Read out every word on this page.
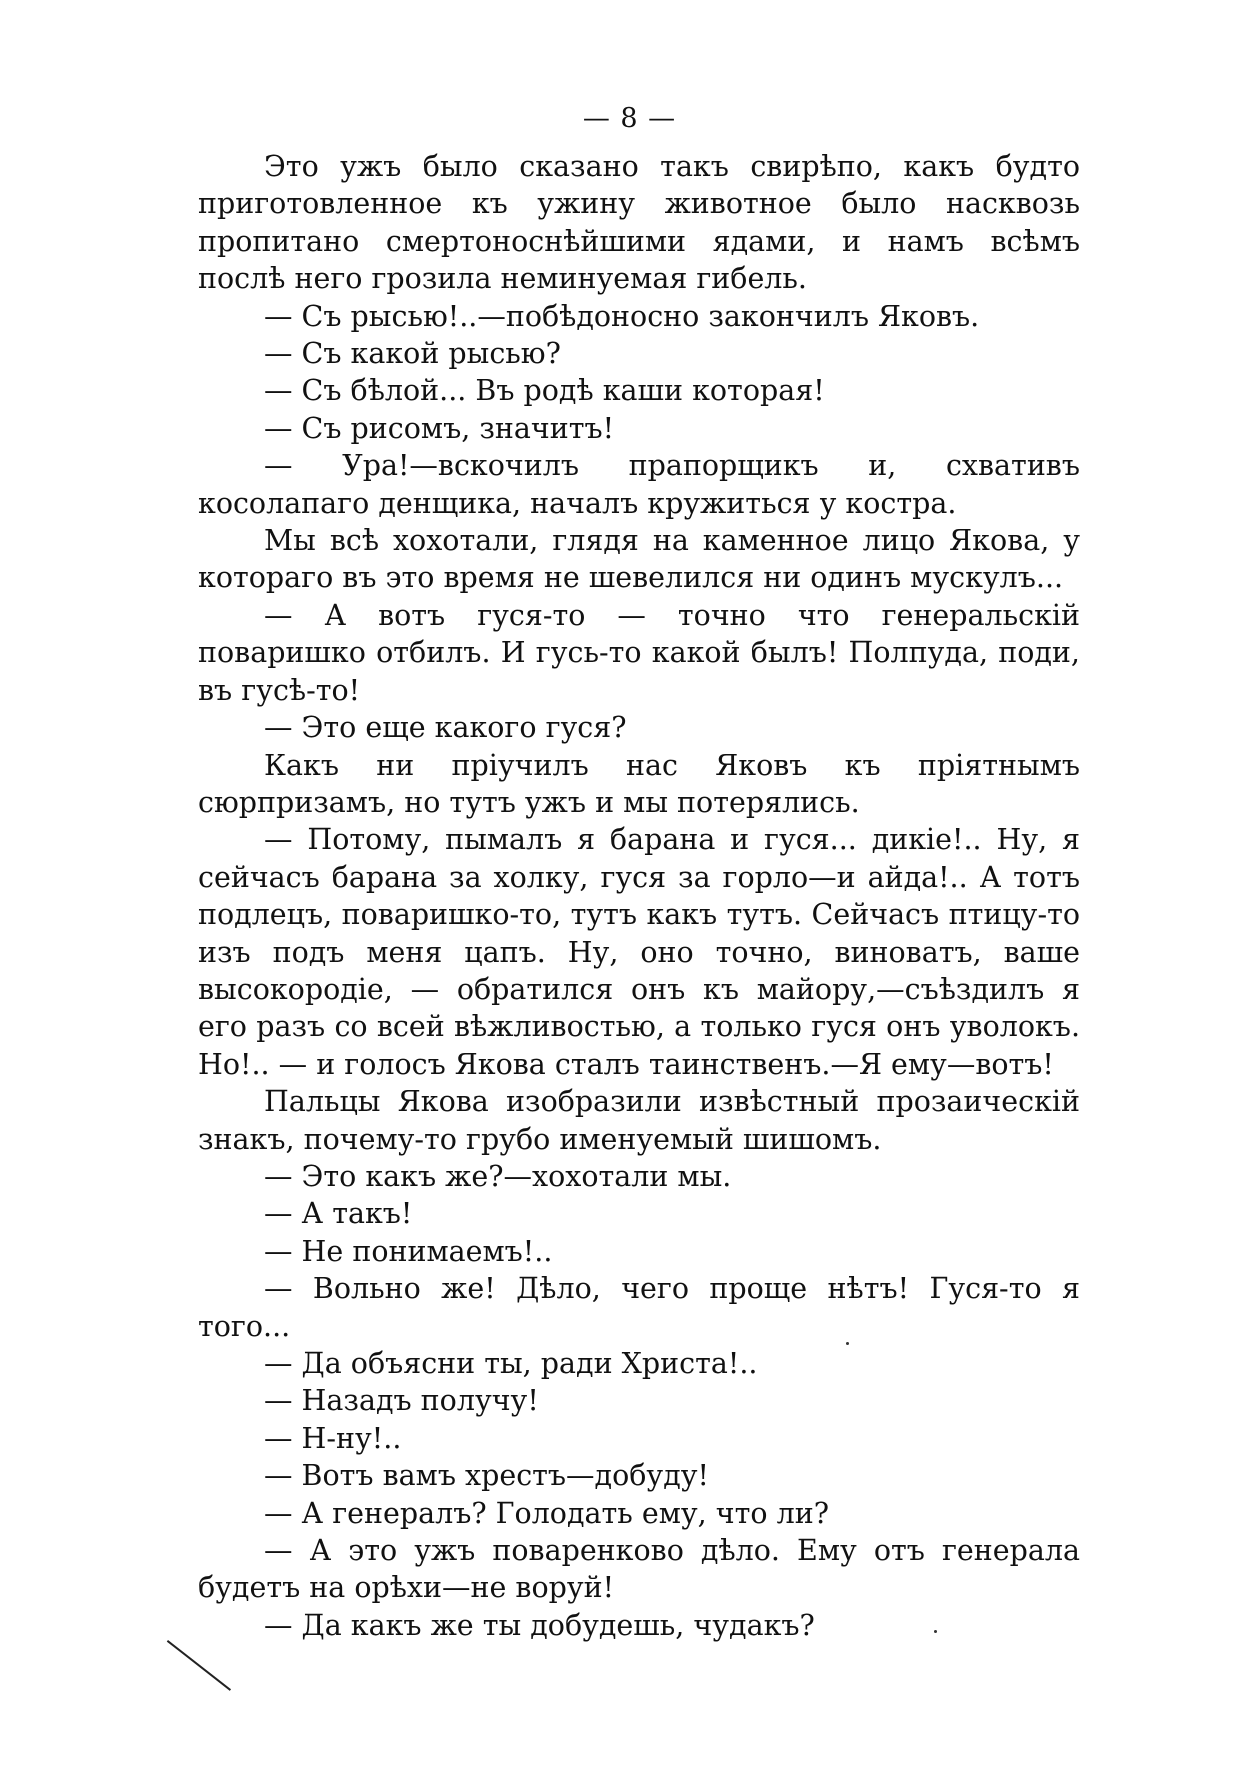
— 8 —

Это ужъ было сказано такъ свирѣпо, какъ будто приготовленное къ ужину животное было насквозь пропитано смертоноснѣйшими ядами, и намъ всѣмъ послѣ него грозила неминуемая гибель.

— Съ рысью!..—побѣдоносно закончилъ Яковъ.

— Съ какой рысью?

— Съ бѣлой... Въ родѣ каши которая!

— Съ рисомъ, значитъ!

— Ура!—вскочилъ прапорщикъ и, схвативъ косолапаго денщика, началъ кружиться у костра.

Мы всѣ хохотали, глядя на каменное лицо Якова, у котораго въ это время не шевелился ни одинъ мускулъ...

— А вотъ гуся-то — точно что генеральскій поваришко отбилъ. И гусь-то какой былъ! Полпуда, поди, въ гусѣ-то!

— Это еще какого гуся?

Какъ ни пріучилъ нас Яковъ къ пріятнымъ сюрпризамъ, но тутъ ужъ и мы потерялись.

— Потому, пымалъ я барана и гуся... дикіе!.. Ну, я сейчасъ барана за холку, гуся за горло—и айда!.. А тотъ подлецъ, поваришко-то, тутъ какъ тутъ. Сейчасъ птицу-то изъ подъ меня цапъ. Ну, оно точно, виноватъ, ваше высокородіе, — обратился онъ къ майору,—съѣздилъ я его разъ со всей вѣжливостью, а только гуся онъ уволокъ. Но!.. — и голосъ Якова сталъ таинственъ.—Я ему—вотъ!

Пальцы Якова изобразили извѣстный прозаическій знакъ, почему-то грубо именуемый шишомъ.

— Это какъ же?—хохотали мы.

— А такъ!

— Не понимаемъ!..

— Вольно же! Дѣло, чего проще нѣтъ! Гуся-то я того...

— Да объясни ты, ради Христа!..

— Назадъ получу!

— Н-ну!..

— Вотъ вамъ хрестъ—добуду!

— А генералъ? Голодать ему, что ли?

— А это ужъ поваренково дѣло. Ему отъ генерала будетъ на орѣхи—не воруй!

— Да какъ же ты добудешь, чудакъ?
